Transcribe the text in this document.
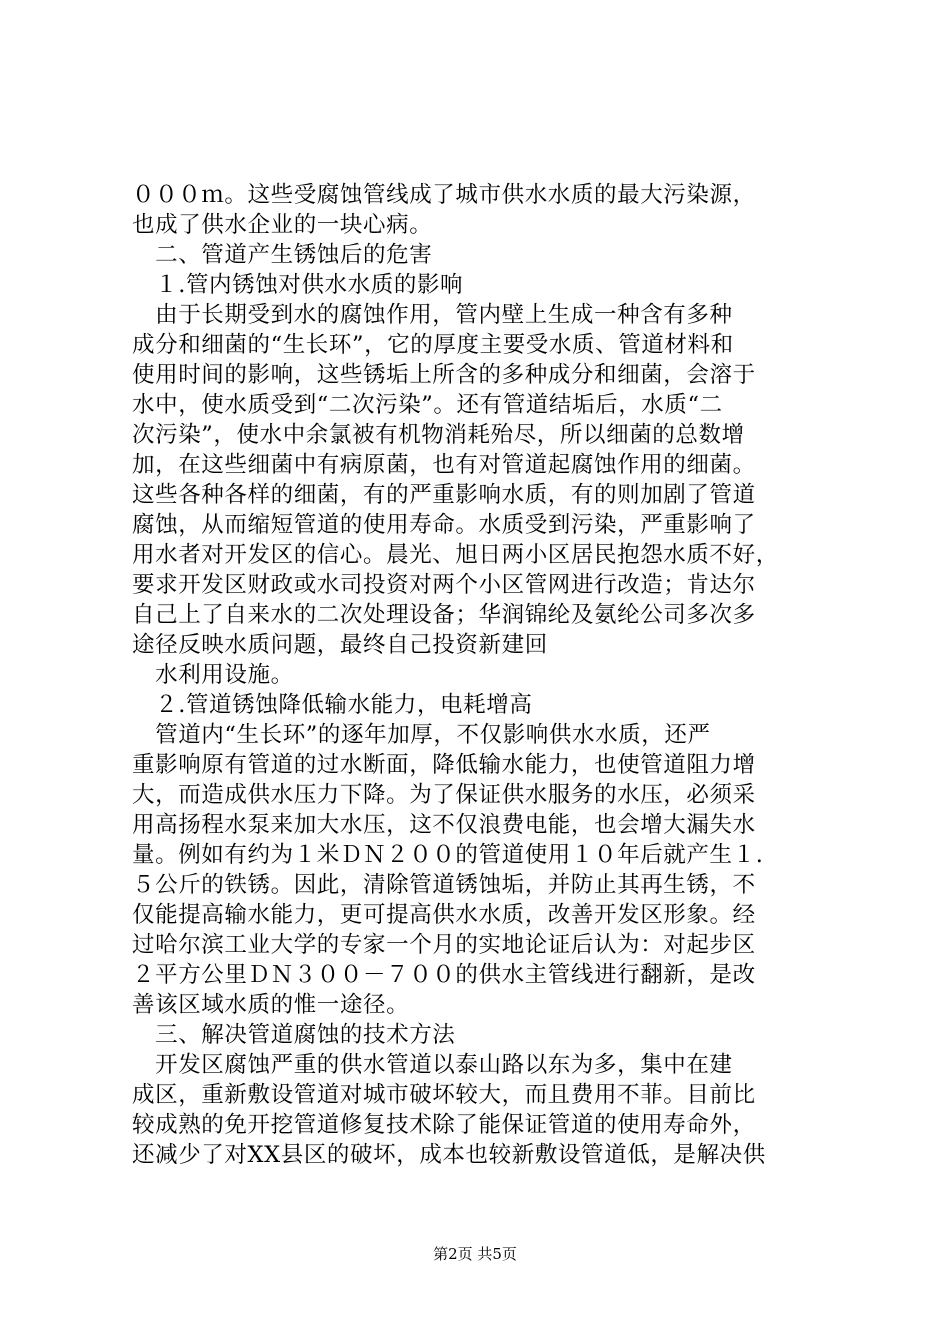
０００ｍ。这些受腐蚀管线成了城市供水水质的最大污染源，
也成了供水企业的一块心病。
　二、管道产生锈蚀后的危害
　１.管内锈蚀对供水水质的影响
　由于长期受到水的腐蚀作用，管内壁上生成一种含有多种
成分和细菌的“生长环”，它的厚度主要受水质、管道材料和
使用时间的影响，这些锈垢上所含的多种成分和细菌，会溶于
水中，使水质受到“二次污染”。还有管道结垢后，水质“二
次污染”，使水中余氯被有机物消耗殆尽，所以细菌的总数增
加，在这些细菌中有病原菌，也有对管道起腐蚀作用的细菌。
这些各种各样的细菌，有的严重影响水质，有的则加剧了管道
腐蚀，从而缩短管道的使用寿命。水质受到污染，严重影响了
用水者对开发区的信心。晨光、旭日两小区居民抱怨水质不好，
要求开发区财政或水司投资对两个小区管网进行改造；肯达尔
自己上了自来水的二次处理设备；华润锦纶及氨纶公司多次多
途径反映水质问题，最终自己投资新建回
　水利用设施。
　２.管道锈蚀降低输水能力，电耗增高
　管道内“生长环”的逐年加厚，不仅影响供水水质，还严
重影响原有管道的过水断面，降低输水能力，也使管道阻力增
大，而造成供水压力下降。为了保证供水服务的水压，必须采
用高扬程水泵来加大水压，这不仅浪费电能，也会增大漏失水
量。例如有约为１米ＤＮ２００的管道使用１０年后就产生１.
５公斤的铁锈。因此，清除管道锈蚀垢，并防止其再生锈，不
仅能提高输水能力，更可提高供水水质，改善开发区形象。经
过哈尔滨工业大学的专家一个月的实地论证后认为：对起步区
２平方公里ＤＮ３００－７００的供水主管线进行翻新，是改
善该区域水质的惟一途径。
　三、解决管道腐蚀的技术方法
　开发区腐蚀严重的供水管道以泰山路以东为多，集中在建
成区，重新敷设管道对城市破坏较大，而且费用不菲。目前比
较成熟的免开挖管道修复技术除了能保证管道的使用寿命外，
还减少了对XX县区的破坏，成本也较新敷设管道低，是解决供
第2页 共5页
